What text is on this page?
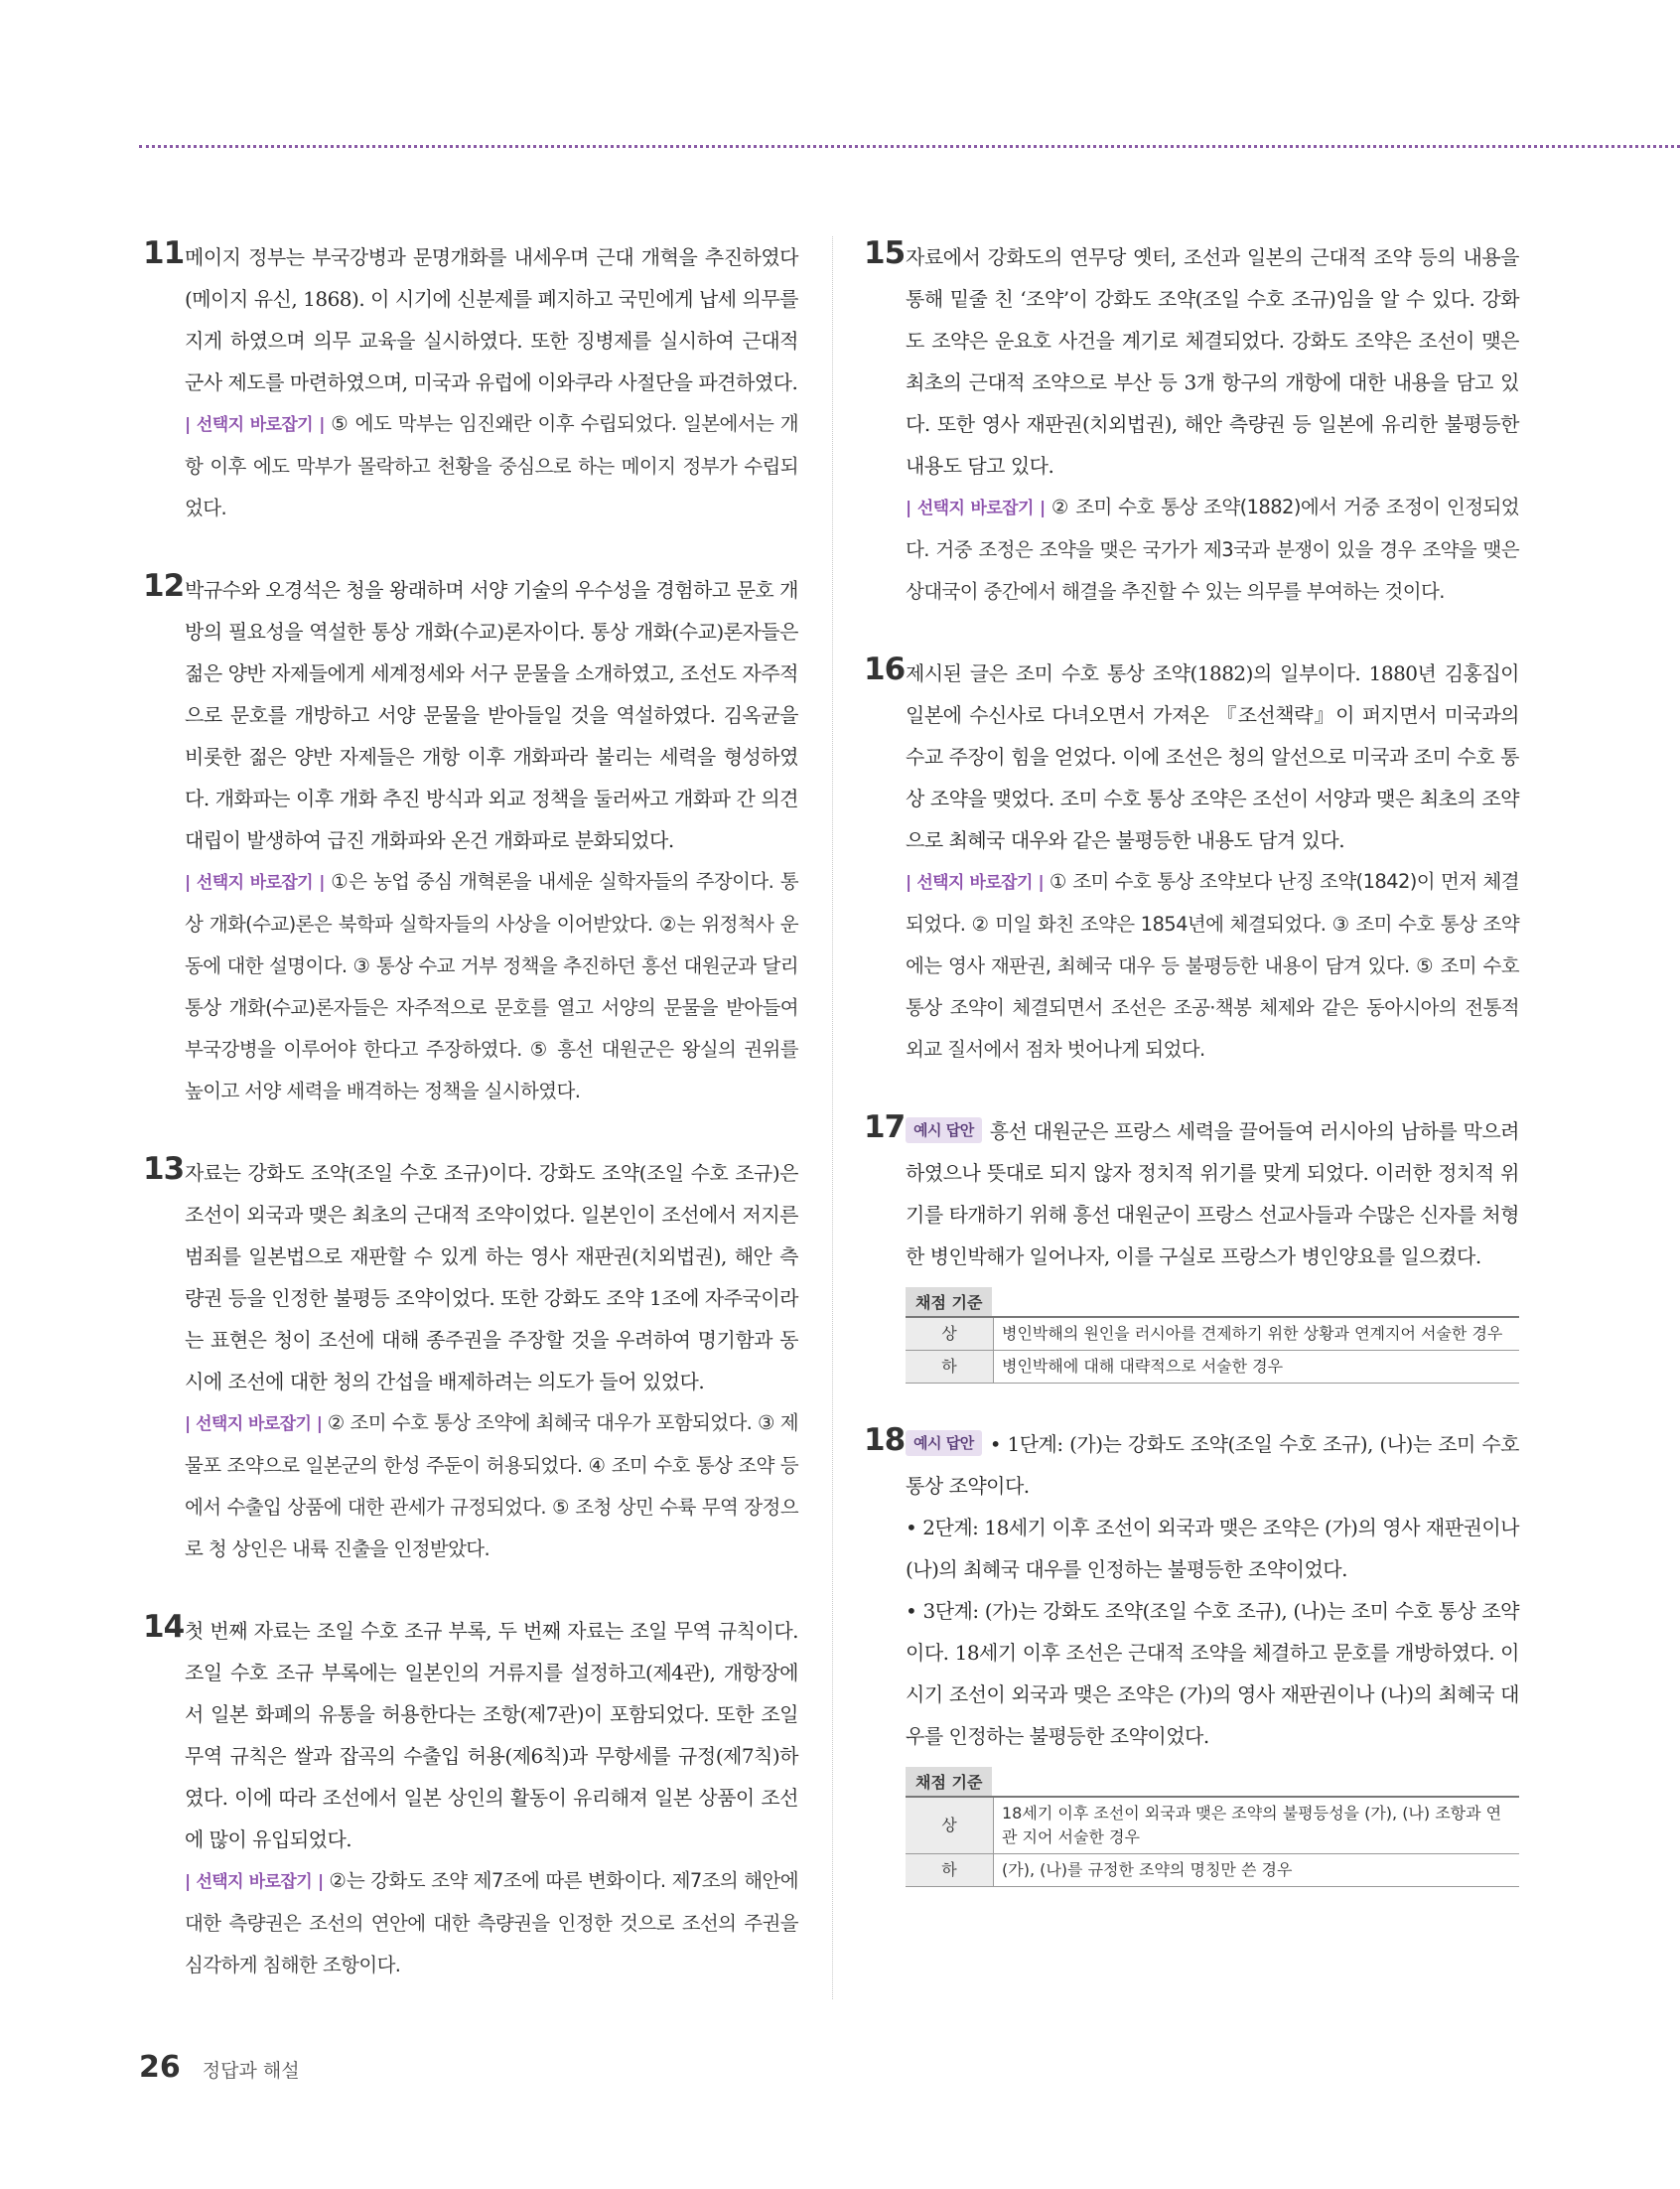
11 메이지 정부는 부국강병과 문명개화를 내세우며 근대 개혁을 추진하였다(메이지 유신, 1868). 이 시기에 신분제를 폐지하고 국민에게 납세 의무를 지게 하였으며 의무 교육을 실시하였다. 또한 징병제를 실시하여 근대적 군사 제도를 마련하였으며, 미국과 유럽에 이와쿠라 사절단을 파견하였다.

| 선택지 바로잡기 | ⑤ 에도 막부는 임진왜란 이후 수립되었다. 일본에서는 개항 이후 에도 막부가 몰락하고 천황을 중심으로 하는 메이지 정부가 수립되었다.

12 박규수와 오경석은 청을 왕래하며 서양 기술의 우수성을 경험하고 문호 개방의 필요성을 역설한 통상 개화(수교)론자이다. 통상 개화(수교)론자들은 젊은 양반 자제들에게 세계정세와 서구 문물을 소개하였고, 조선도 자주적으로 문호를 개방하고 서양 문물을 받아들일 것을 역설하였다. 김옥균을 비롯한 젊은 양반 자제들은 개항 이후 개화파라 불리는 세력을 형성하였다. 개화파는 이후 개화 추진 방식과 외교 정책을 둘러싸고 개화파 간 의견 대립이 발생하여 급진 개화파와 온건 개화파로 분화되었다.

| 선택지 바로잡기 | ①은 농업 중심 개혁론을 내세운 실학자들의 주장이다. 통상 개화(수교)론은 북학파 실학자들의 사상을 이어받았다. ②는 위정척사 운동에 대한 설명이다. ③ 통상 수교 거부 정책을 추진하던 흥선 대원군과 달리 통상 개화(수교)론자들은 자주적으로 문호를 열고 서양의 문물을 받아들여 부국강병을 이루어야 한다고 주장하였다. ⑤ 흥선 대원군은 왕실의 권위를 높이고 서양 세력을 배격하는 정책을 실시하였다.

13 자료는 강화도 조약(조일 수호 조규)이다. 강화도 조약(조일 수호 조규)은 조선이 외국과 맺은 최초의 근대적 조약이었다. 일본인이 조선에서 저지른 범죄를 일본법으로 재판할 수 있게 하는 영사 재판권(치외법권), 해안 측량권 등을 인정한 불평등 조약이었다. 또한 강화도 조약 1조에 자주국이라는 표현은 청이 조선에 대해 종주권을 주장할 것을 우려하여 명기함과 동시에 조선에 대한 청의 간섭을 배제하려는 의도가 들어 있었다.

| 선택지 바로잡기 | ② 조미 수호 통상 조약에 최혜국 대우가 포함되었다. ③ 제물포 조약으로 일본군의 한성 주둔이 허용되었다. ④ 조미 수호 통상 조약 등에서 수출입 상품에 대한 관세가 규정되었다. ⑤ 조청 상민 수륙 무역 장정으로 청 상인은 내륙 진출을 인정받았다.

14 첫 번째 자료는 조일 수호 조규 부록, 두 번째 자료는 조일 무역 규칙이다. 조일 수호 조규 부록에는 일본인의 거류지를 설정하고(제4관), 개항장에서 일본 화폐의 유통을 허용한다는 조항(제7관)이 포함되었다. 또한 조일 무역 규칙은 쌀과 잡곡의 수출입 허용(제6칙)과 무항세를 규정(제7칙)하였다. 이에 따라 조선에서 일본 상인의 활동이 유리해져 일본 상품이 조선에 많이 유입되었다.

| 선택지 바로잡기 | ②는 강화도 조약 제7조에 따른 변화이다. 제7조의 해안에 대한 측량권은 조선의 연안에 대한 측량권을 인정한 것으로 조선의 주권을 심각하게 침해한 조항이다.

15 자료에서 강화도의 연무당 옛터, 조선과 일본의 근대적 조약 등의 내용을 통해 밑줄 친 ‘조약’이 강화도 조약(조일 수호 조규)임을 알 수 있다. 강화도 조약은 운요호 사건을 계기로 체결되었다. 강화도 조약은 조선이 맺은 최초의 근대적 조약으로 부산 등 3개 항구의 개항에 대한 내용을 담고 있다. 또한 영사 재판권(치외법권), 해안 측량권 등 일본에 유리한 불평등한 내용도 담고 있다.

| 선택지 바로잡기 | ② 조미 수호 통상 조약(1882)에서 거중 조정이 인정되었다. 거중 조정은 조약을 맺은 국가가 제3국과 분쟁이 있을 경우 조약을 맺은 상대국이 중간에서 해결을 추진할 수 있는 의무를 부여하는 것이다.

16 제시된 글은 조미 수호 통상 조약(1882)의 일부이다. 1880년 김홍집이 일본에 수신사로 다녀오면서 가져온 『조선책략』이 퍼지면서 미국과의 수교 주장이 힘을 얻었다. 이에 조선은 청의 알선으로 미국과 조미 수호 통상 조약을 맺었다. 조미 수호 통상 조약은 조선이 서양과 맺은 최초의 조약으로 최혜국 대우와 같은 불평등한 내용도 담겨 있다.

| 선택지 바로잡기 | ① 조미 수호 통상 조약보다 난징 조약(1842)이 먼저 체결되었다. ② 미일 화친 조약은 1854년에 체결되었다. ③ 조미 수호 통상 조약에는 영사 재판권, 최혜국 대우 등 불평등한 내용이 담겨 있다. ⑤ 조미 수호 통상 조약이 체결되면서 조선은 조공·책봉 체제와 같은 동아시아의 전통적 외교 질서에서 점차 벗어나게 되었다.

17 예시 답안 흥선 대원군은 프랑스 세력을 끌어들여 러시아의 남하를 막으려 하였으나 뜻대로 되지 않자 정치적 위기를 맞게 되었다. 이러한 정치적 위기를 타개하기 위해 흥선 대원군이 프랑스 선교사들과 수많은 신자를 처형한 병인박해가 일어나자, 이를 구실로 프랑스가 병인양요를 일으켰다.

채점 기준
상	병인박해의 원인을 러시아를 견제하기 위한 상황과 연계지어 서술한 경우
하	병인박해에 대해 대략적으로 서술한 경우
18 예시 답안 • 1단계: (가)는 강화도 조약(조일 수호 조규), (나)는 조미 수호 통상 조약이다.

• 2단계: 18세기 이후 조선이 외국과 맺은 조약은 (가)의 영사 재판권이나 (나)의 최혜국 대우를 인정하는 불평등한 조약이었다.

• 3단계: (가)는 강화도 조약(조일 수호 조규), (나)는 조미 수호 통상 조약이다. 18세기 이후 조선은 근대적 조약을 체결하고 문호를 개방하였다. 이 시기 조선이 외국과 맺은 조약은 (가)의 영사 재판권이나 (나)의 최혜국 대우를 인정하는 불평등한 조약이었다.

채점 기준
상	18세기 이후 조선이 외국과 맺은 조약의 불평등성을 (가), (나) 조항과 연관 지어 서술한 경우
하	(가), (나)를 규정한 조약의 명칭만 쓴 경우
26 정답과 해설
